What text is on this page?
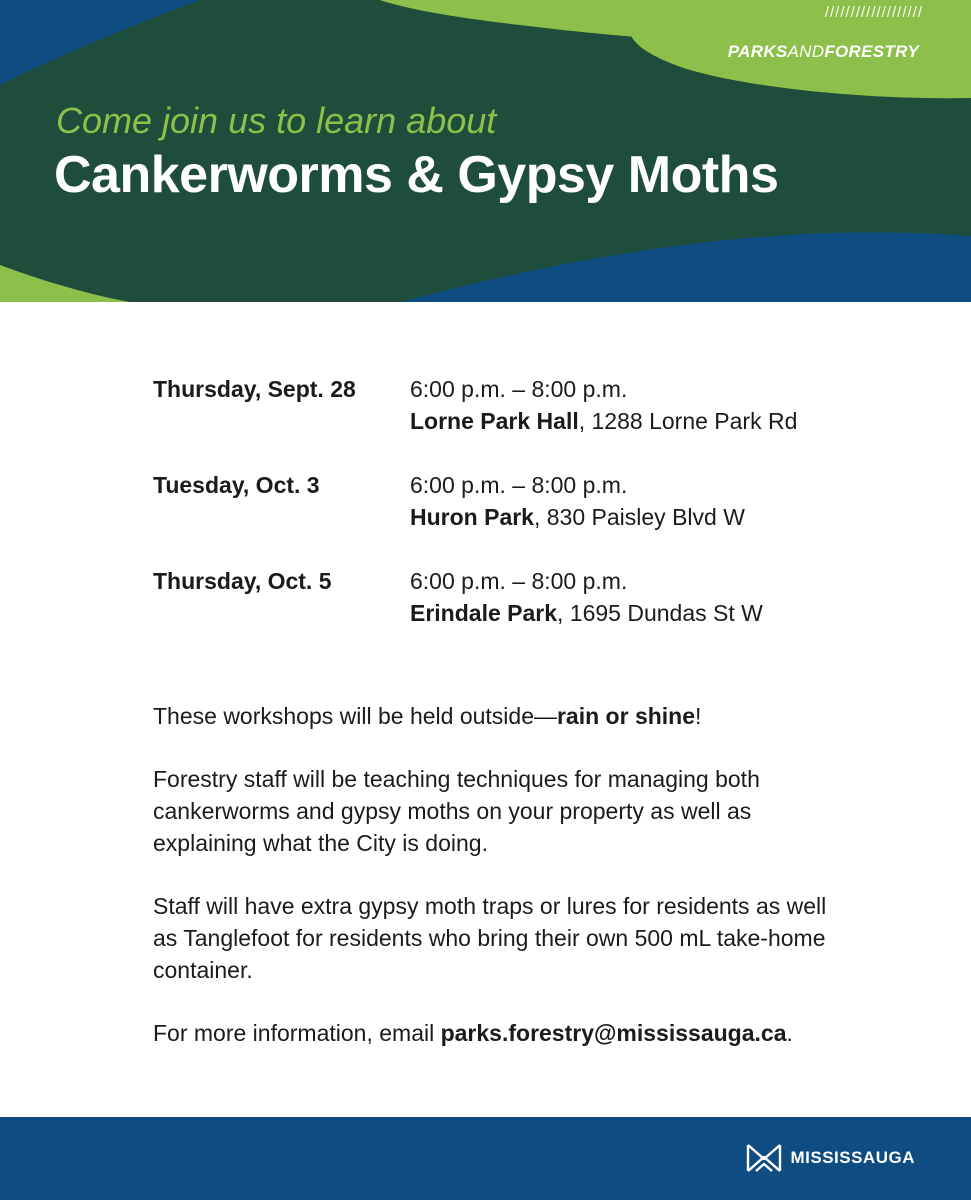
///////////////////
PARKSANDFORESTRY
Come join us to learn about
Cankerworms & Gypsy Moths
Thursday, Sept. 28 6:00 p.m. – 8:00 p.m.
Lorne Park Hall, 1288 Lorne Park Rd
Tuesday, Oct. 3	6:00 p.m. – 8:00 p.m.
Huron Park, 830 Paisley Blvd W
Thursday, Oct. 5	6:00 p.m. – 8:00 p.m.
Erindale Park, 1695 Dundas St W

These workshops will be held outside—rain or shine!

Forestry staff will be teaching techniques for managing both cankerworms and gypsy moths on your property as well as explaining what the City is doing.

Staff will have extra gypsy moth traps or lures for residents as well as Tanglefoot for residents who bring their own 500 mL take-home container.

For more information, email parks.forestry@mississauga.ca.

MISSISSAUGA
